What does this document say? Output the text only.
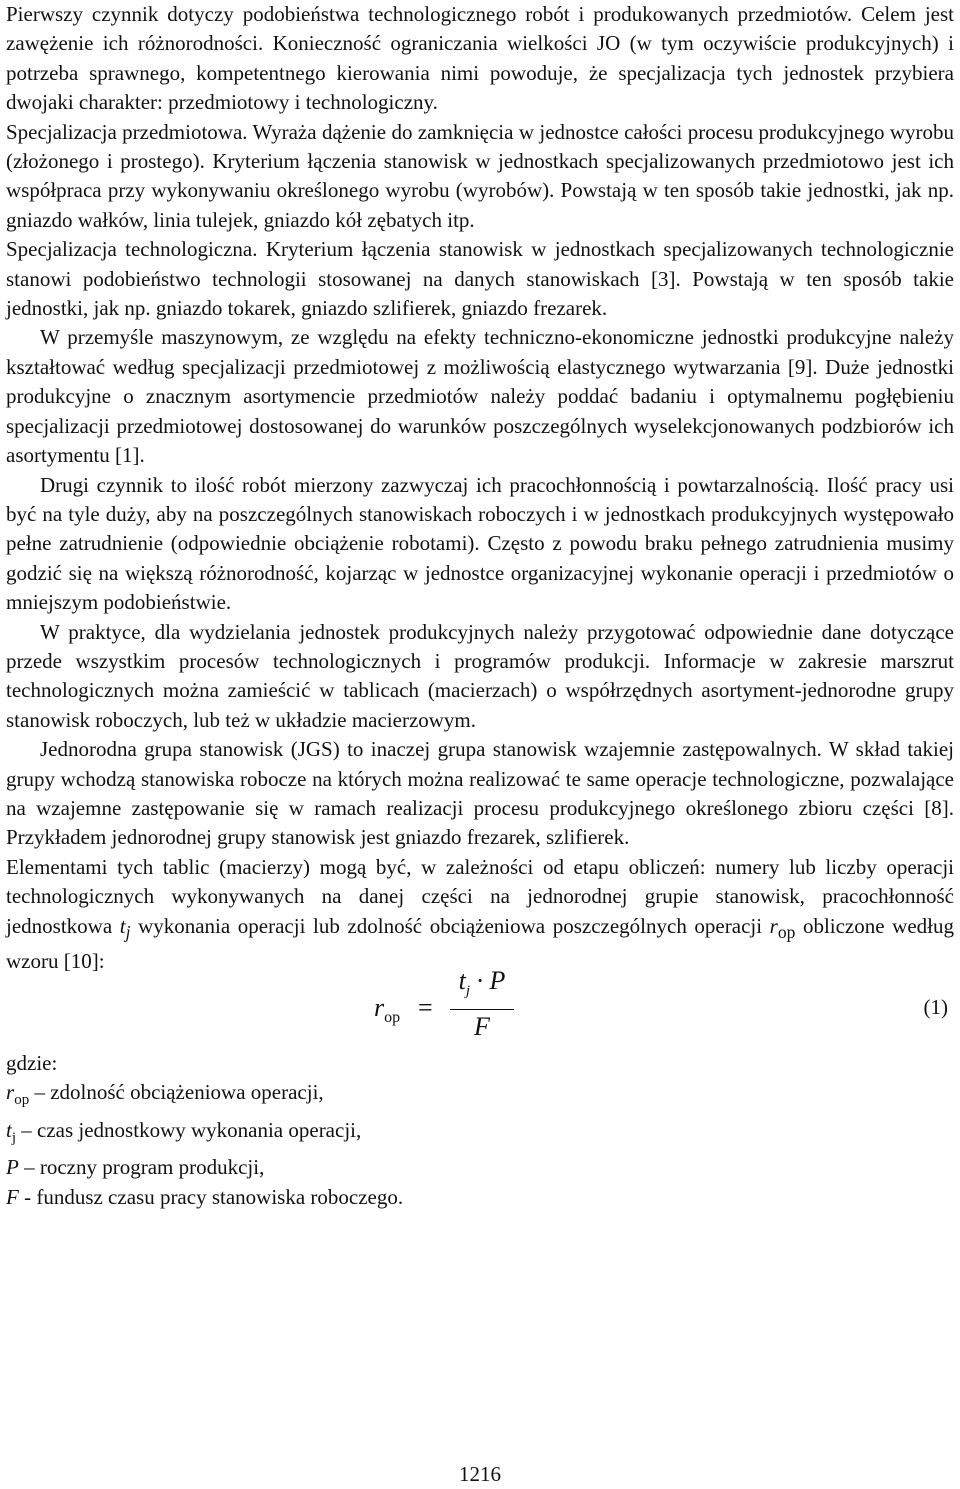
Pierwszy czynnik dotyczy podobieństwa technologicznego robót i produkowanych przedmiotów. Celem jest zawężenie ich różnorodności. Konieczność ograniczania wielkości JO (w tym oczywiście produkcyjnych) i potrzeba sprawnego, kompetentnego kierowania nimi powoduje, że specjalizacja tych jednostek przybiera dwojaki charakter: przedmiotowy i technologiczny.

Specjalizacja przedmiotowa. Wyraża dążenie do zamknięcia w jednostce całości procesu produkcyjnego wyrobu (złożonego i prostego). Kryterium łączenia stanowisk w jednostkach specjalizowanych przedmiotowo jest ich współpraca przy wykonywaniu określonego wyrobu (wyrobów). Powstają w ten sposób takie jednostki, jak np. gniazdo wałków, linia tulejek, gniazdo kół zębatych itp.

Specjalizacja technologiczna. Kryterium łączenia stanowisk w jednostkach specjalizowanych technologicznie stanowi podobieństwo technologii stosowanej na danych stanowiskach [3]. Powstają w ten sposób takie jednostki, jak np. gniazdo tokarek, gniazdo szlifierek, gniazdo frezarek.

W przemyśle maszynowym, ze względu na efekty techniczno-ekonomiczne jednostki produkcyjne należy kształtować według specjalizacji przedmiotowej z możliwością elastycznego wytwarzania [9]. Duże jednostki produkcyjne o znacznym asortymencie przedmiotów należy poddać badaniu i optymalnemu pogłębieniu specjalizacji przedmiotowej dostosowanej do warunków poszczególnych wyselekcjonowanych podzbiorów ich asortymentu [1].

Drugi czynnik to ilość robót mierzony zazwyczaj ich pracochłonnością i powtarzalnością. Ilość pracy usi być na tyle duży, aby na poszczególnych stanowiskach roboczych i w jednostkach produkcyjnych występowało pełne zatrudnienie (odpowiednie obciążenie robotami). Często z powodu braku pełnego zatrudnienia musimy godzić się na większą różnorodność, kojarząc w jednostce organizacyjnej wykonanie operacji i przedmiotów o mniejszym podobieństwie.

W praktyce, dla wydzielania jednostek produkcyjnych należy przygotować odpowiednie dane dotyczące przede wszystkim procesów technologicznych i programów produkcji. Informacje w zakresie marszrut technologicznych można zamieścić w tablicach (macierzach) o współrzędnych asortyment-jednorodne grupy stanowisk roboczych, lub też w układzie macierzowym.

Jednorodna grupa stanowisk (JGS) to inaczej grupa stanowisk wzajemnie zastępowalnych. W skład takiej grupy wchodzą stanowiska robocze na których można realizować te same operacje technologiczne, pozwalające na wzajemne zastępowanie się w ramach realizacji procesu produkcyjnego określonego zbioru części [8]. Przykładem jednorodnej grupy stanowisk jest gniazdo frezarek, szlifierek.

Elementami tych tablic (macierzy) mogą być, w zależności od etapu obliczeń: numery lub liczby operacji technologicznych wykonywanych na danej części na jednorodnej grupie stanowisk, pracochłonność jednostkowa $t_j$ wykonania operacji lub zdolność obciążeniowa poszczególnych operacji $r_{op}$ obliczone według wzoru [10]:

$r_{op} = \frac{t_j \cdot P}{F}$	(1)
gdzie:
$r_{op}$ – zdolność obciążeniowa operacji,
$t_j$ – czas jednostkowy wykonania operacji,
P – roczny program produkcji,
F - fundusz czasu pracy stanowiska roboczego.
1216
